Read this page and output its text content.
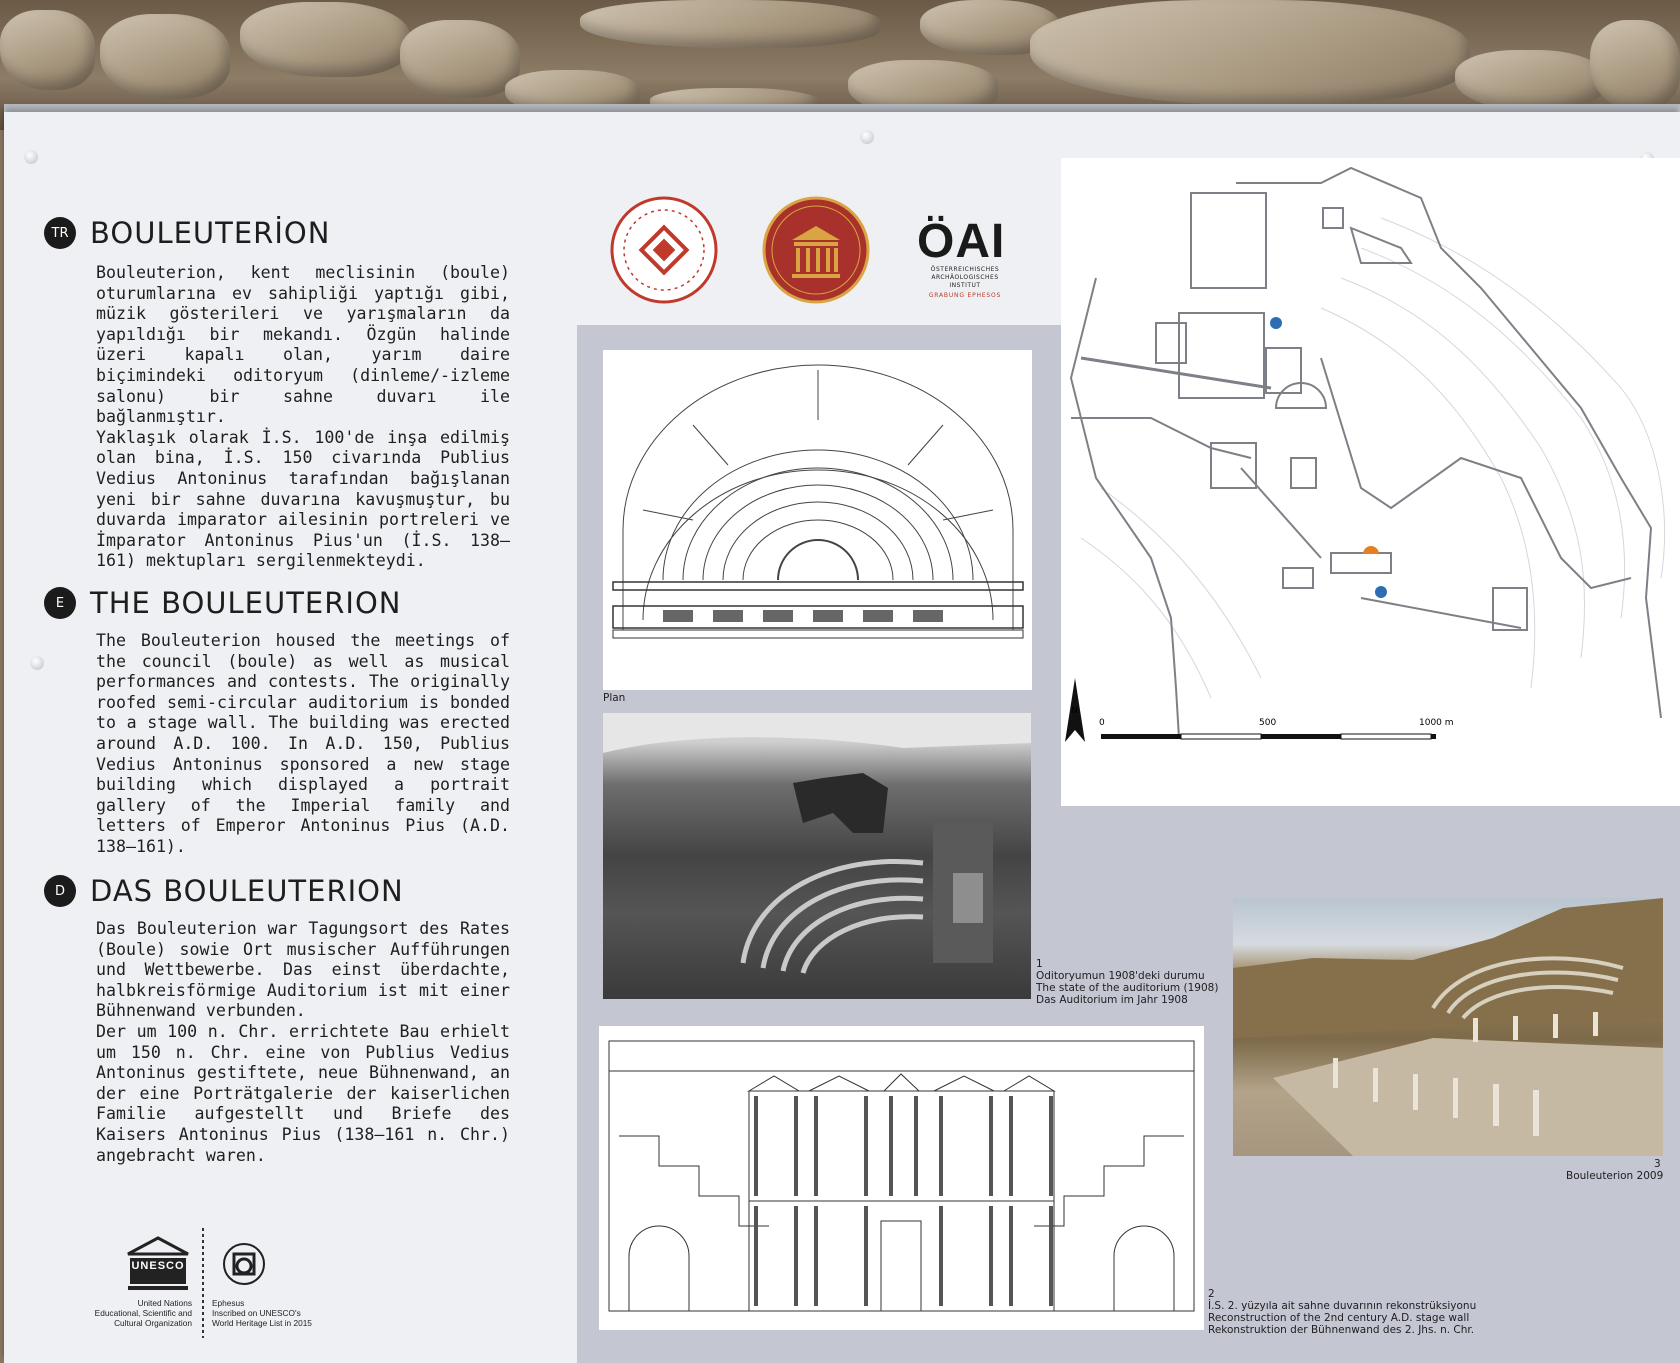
TR BOULEUTERİON
Bouleuterion, kent meclisinin (boule) oturumlarına ev sahipliği yaptığı gibi, müzik gösterileri ve yarışmaların da yapıldığı bir mekandı. Özgün halinde üzeri kapalı olan, yarım daire biçimindeki oditoryum (dinleme/-izleme salonu) bir sahne duvarı ile bağlanmıştır.
Yaklaşık olarak İ.S. 100'de inşa edilmiş olan bina, İ.S. 150 civarında Publius Vedius Antoninus tarafından bağışlanan yeni bir sahne duvarına kavuşmuştur, bu duvarda imparator ailesinin portreleri ve İmparator Antoninus Pius'un (İ.S. 138–161) mektupları sergilenmekteydi.
E THE BOULEUTERION
The Bouleuterion housed the meetings of the council (boule) as well as musical performances and contests. The originally roofed semi-circular auditorium is bonded to a stage wall. The building was erected around A.D. 100. In A.D. 150, Publius Vedius Antoninus sponsored a new stage building which displayed a portrait gallery of the Imperial family and letters of Emperor Antoninus Pius (A.D. 138–161).
D DAS BOULEUTERION
Das Bouleuterion war Tagungsort des Rates (Boule) sowie Ort musischer Aufführungen und Wettbewerbe. Das einst überdachte, halbkreisförmige Auditorium ist mit einer Bühnenwand verbunden.
Der um 100 n. Chr. errichtete Bau erhielt um 150 n. Chr. eine von Publius Vedius Antoninus gestiftete, neue Bühnenwand, an der eine Porträtgalerie der kaiserlichen Familie aufgestellt und Briefe des Kaisers Antoninus Pius (138–161 n. Chr.) angebracht waren.
ÖAI
ÖSTERREICHISCHES ARCHÄOLOGISCHES INSTITUT
GRABUNG EPHESOS
N
0	500	1000 m
Plan
1
Oditoryumun 1908'deki durumu
The state of the auditorium (1908)
Das Auditorium im Jahr 1908
3
Bouleuterion 2009
2
İ.S. 2. yüzyıla ait sahne duvarının rekonstrüksiyonu
Reconstruction of the 2nd century A.D. stage wall
Rekonstruktion der Bühnenwand des 2. Jhs. n. Chr.
UNESCO
United Nations
Educational, Scientific and
Cultural Organization
Ephesus
Inscribed on UNESCO's
World Heritage List in 2015
